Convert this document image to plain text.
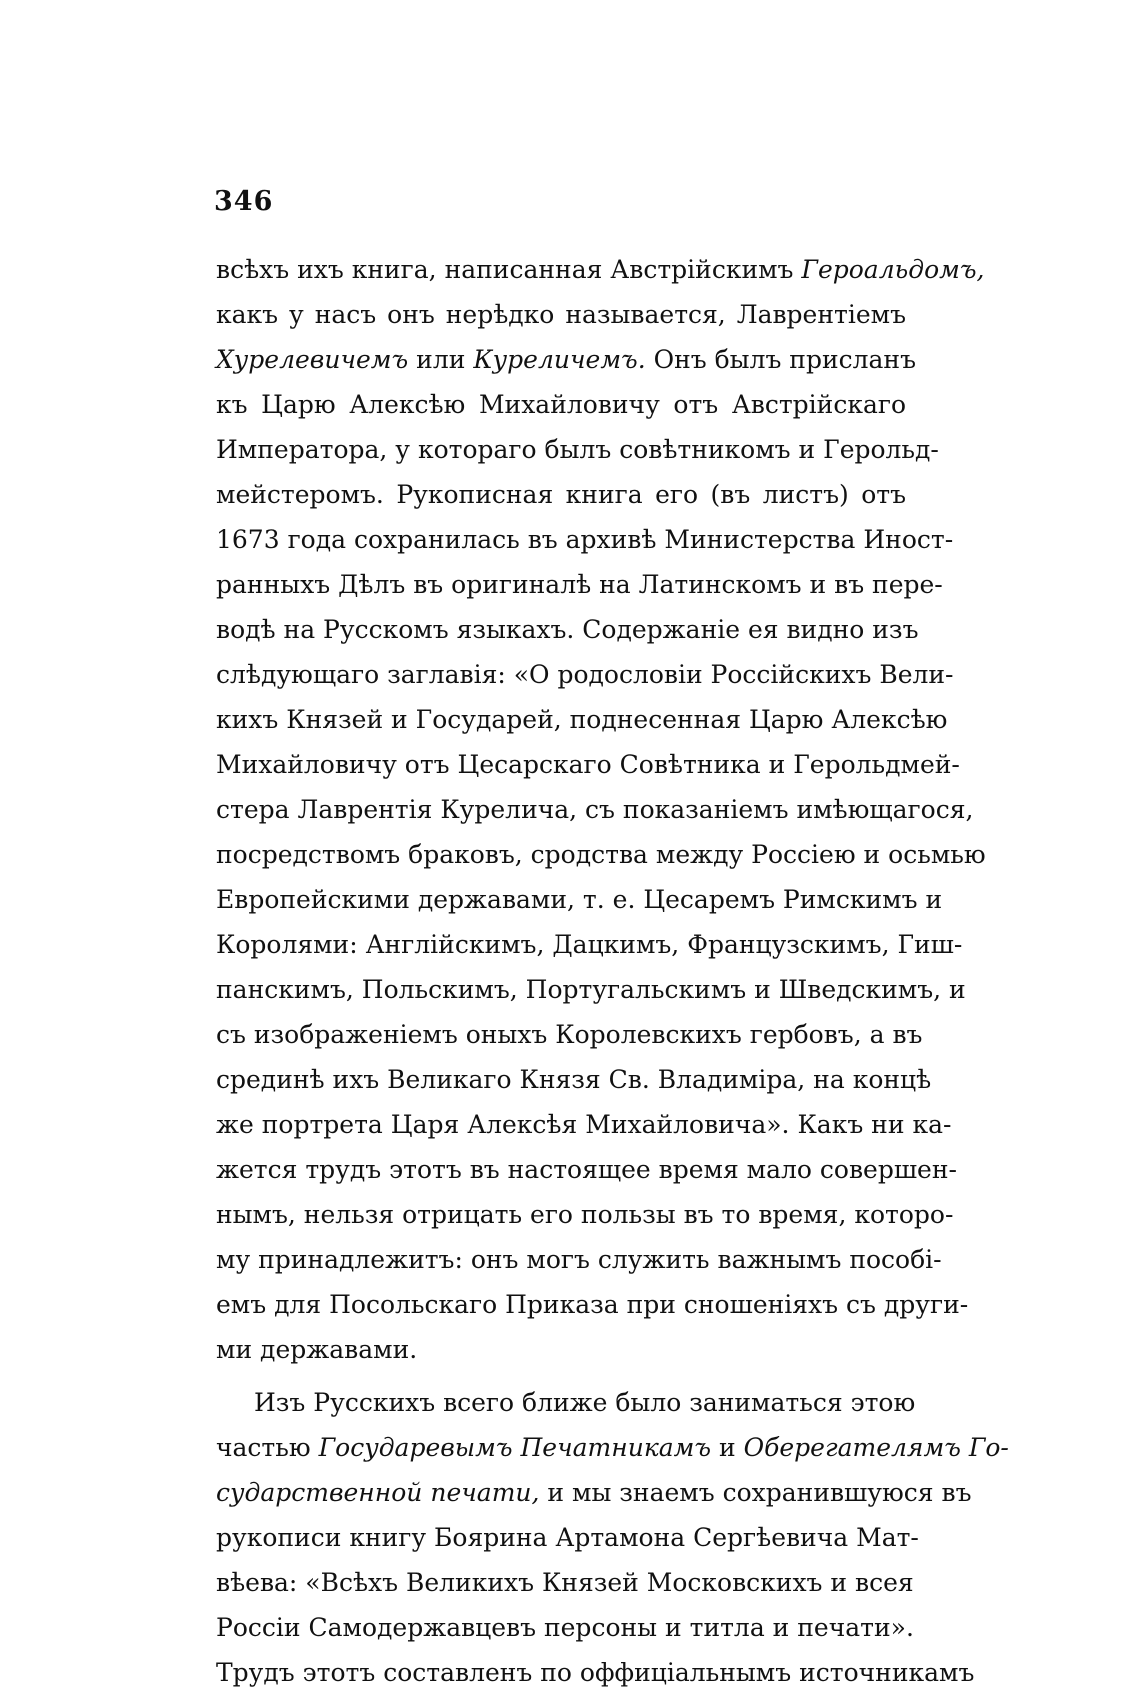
346
всѣхъ ихъ книга, написанная Австрiйскимъ Героальдомъ,
какъ у насъ онъ нерѣдко называется, Лаврентiемъ
Хурелевичемъ или Куреличемъ. Онъ былъ присланъ
къ Царю Алексѣю Михайловичу отъ Австрiйскаго
Императора, у котораго былъ совѣтникомъ и Герольд-
мейстеромъ. Рукописная книга его (въ листъ) отъ
1673 года сохранилась въ архивѣ Министерства Иност-
ранныхъ Дѣлъ въ оригиналѣ на Латинскомъ и въ пере-
водѣ на Русскомъ языкахъ. Содержанiе ея видно изъ
слѣдующаго заглавiя: «О родословiи Россiйскихъ Вели-
кихъ Князей и Государей, поднесенная Царю Алексѣю
Михайловичу отъ Цесарскаго Совѣтника и Герольдмей-
стера Лаврентiя Курелича, съ показанiемъ имѣющагося,
посредствомъ браковъ, сродства между Россiею и осьмью
Европейскими державами, т. е. Цесаремъ Римскимъ и
Королями: Англiйскимъ, Дацкимъ, Французскимъ, Гиш-
панскимъ, Польскимъ, Португальскимъ и Шведскимъ, и
съ изображенiемъ оныхъ Королевскихъ гербовъ, а въ
срединѣ ихъ Великаго Князя Св. Владимiра, на концѣ
же портрета Царя Алексѣя Михайловича». Какъ ни ка-
жется трудъ этотъ въ настоящее время мало совершен-
нымъ, нельзя отрицать его пользы въ то время, которо-
му принадлежитъ: онъ могъ служить важнымъ пособi-
емъ для Посольскаго Приказа при сношенiяхъ съ други-
ми державами.
Изъ Русскихъ всего ближе было заниматься этою
частью Государевымъ Печатникамъ и Оберегателямъ Го-
сударственной печати, и мы знаемъ сохранившуюся въ
рукописи книгу Боярина Артамона Сергѣевича Мат-
вѣева: «Всѣхъ Великихъ Князей Московскихъ и всея
Россiи Самодержавцевъ персоны и титла и печати».
Трудъ этотъ составленъ по оффицiальнымъ источникамъ
